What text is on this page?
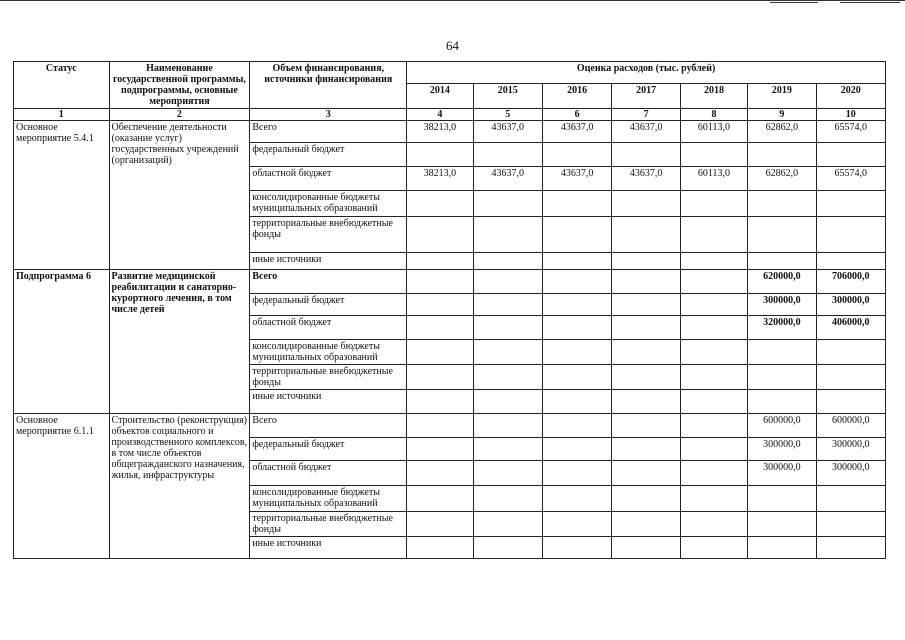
64
Статус	Наименование государственной программы, подпрограммы, основные мероприятия	Объем финансирования, источники финансирования	Оценка расходов (тыс. рублей)						
			2014	2015	2016	2017	2018	2019	2020
1	2	3	4	5	6	7	8	9	10
Основное мероприятие 5.4.1	Обеспечение деятельности (оказание услуг) государственных учреждений (организаций)	Всего	38213,0	43637,0	43637,0	43637,0	60113,0	62862,0	65574,0
		федеральный бюджет							
		областной бюджет	38213,0	43637,0	43637,0	43637,0	60113,0	62862,0	65574,0
		консолидированные бюджеты муниципальных образований							
		территориальные внебюджетные фонды							
		иные источники							
Подпрограмма 6	Развитие медицинской реабилитации и санаторно-курортного лечения, в том числе детей	Всего						620000,0	706000,0
		федеральный бюджет						300000,0	300000,0
		областной бюджет						320000,0	406000,0
		консолидированные бюджеты муниципальных образований							
		территориальные внебюджетные фонды							
		иные источники							
Основное мероприятие 6.1.1	Строительство (реконструкция) объектов социального и производственного комплексов, в том числе объектов общегражданского назначения, жилья, инфраструктуры	Всего						600000,0	600000,0
		федеральный бюджет						300000,0	300000,0
		областной бюджет						300000,0	300000,0
		консолидированные бюджеты муниципальных образований							
		территориальные внебюджетные фонды							
		иные источники							
